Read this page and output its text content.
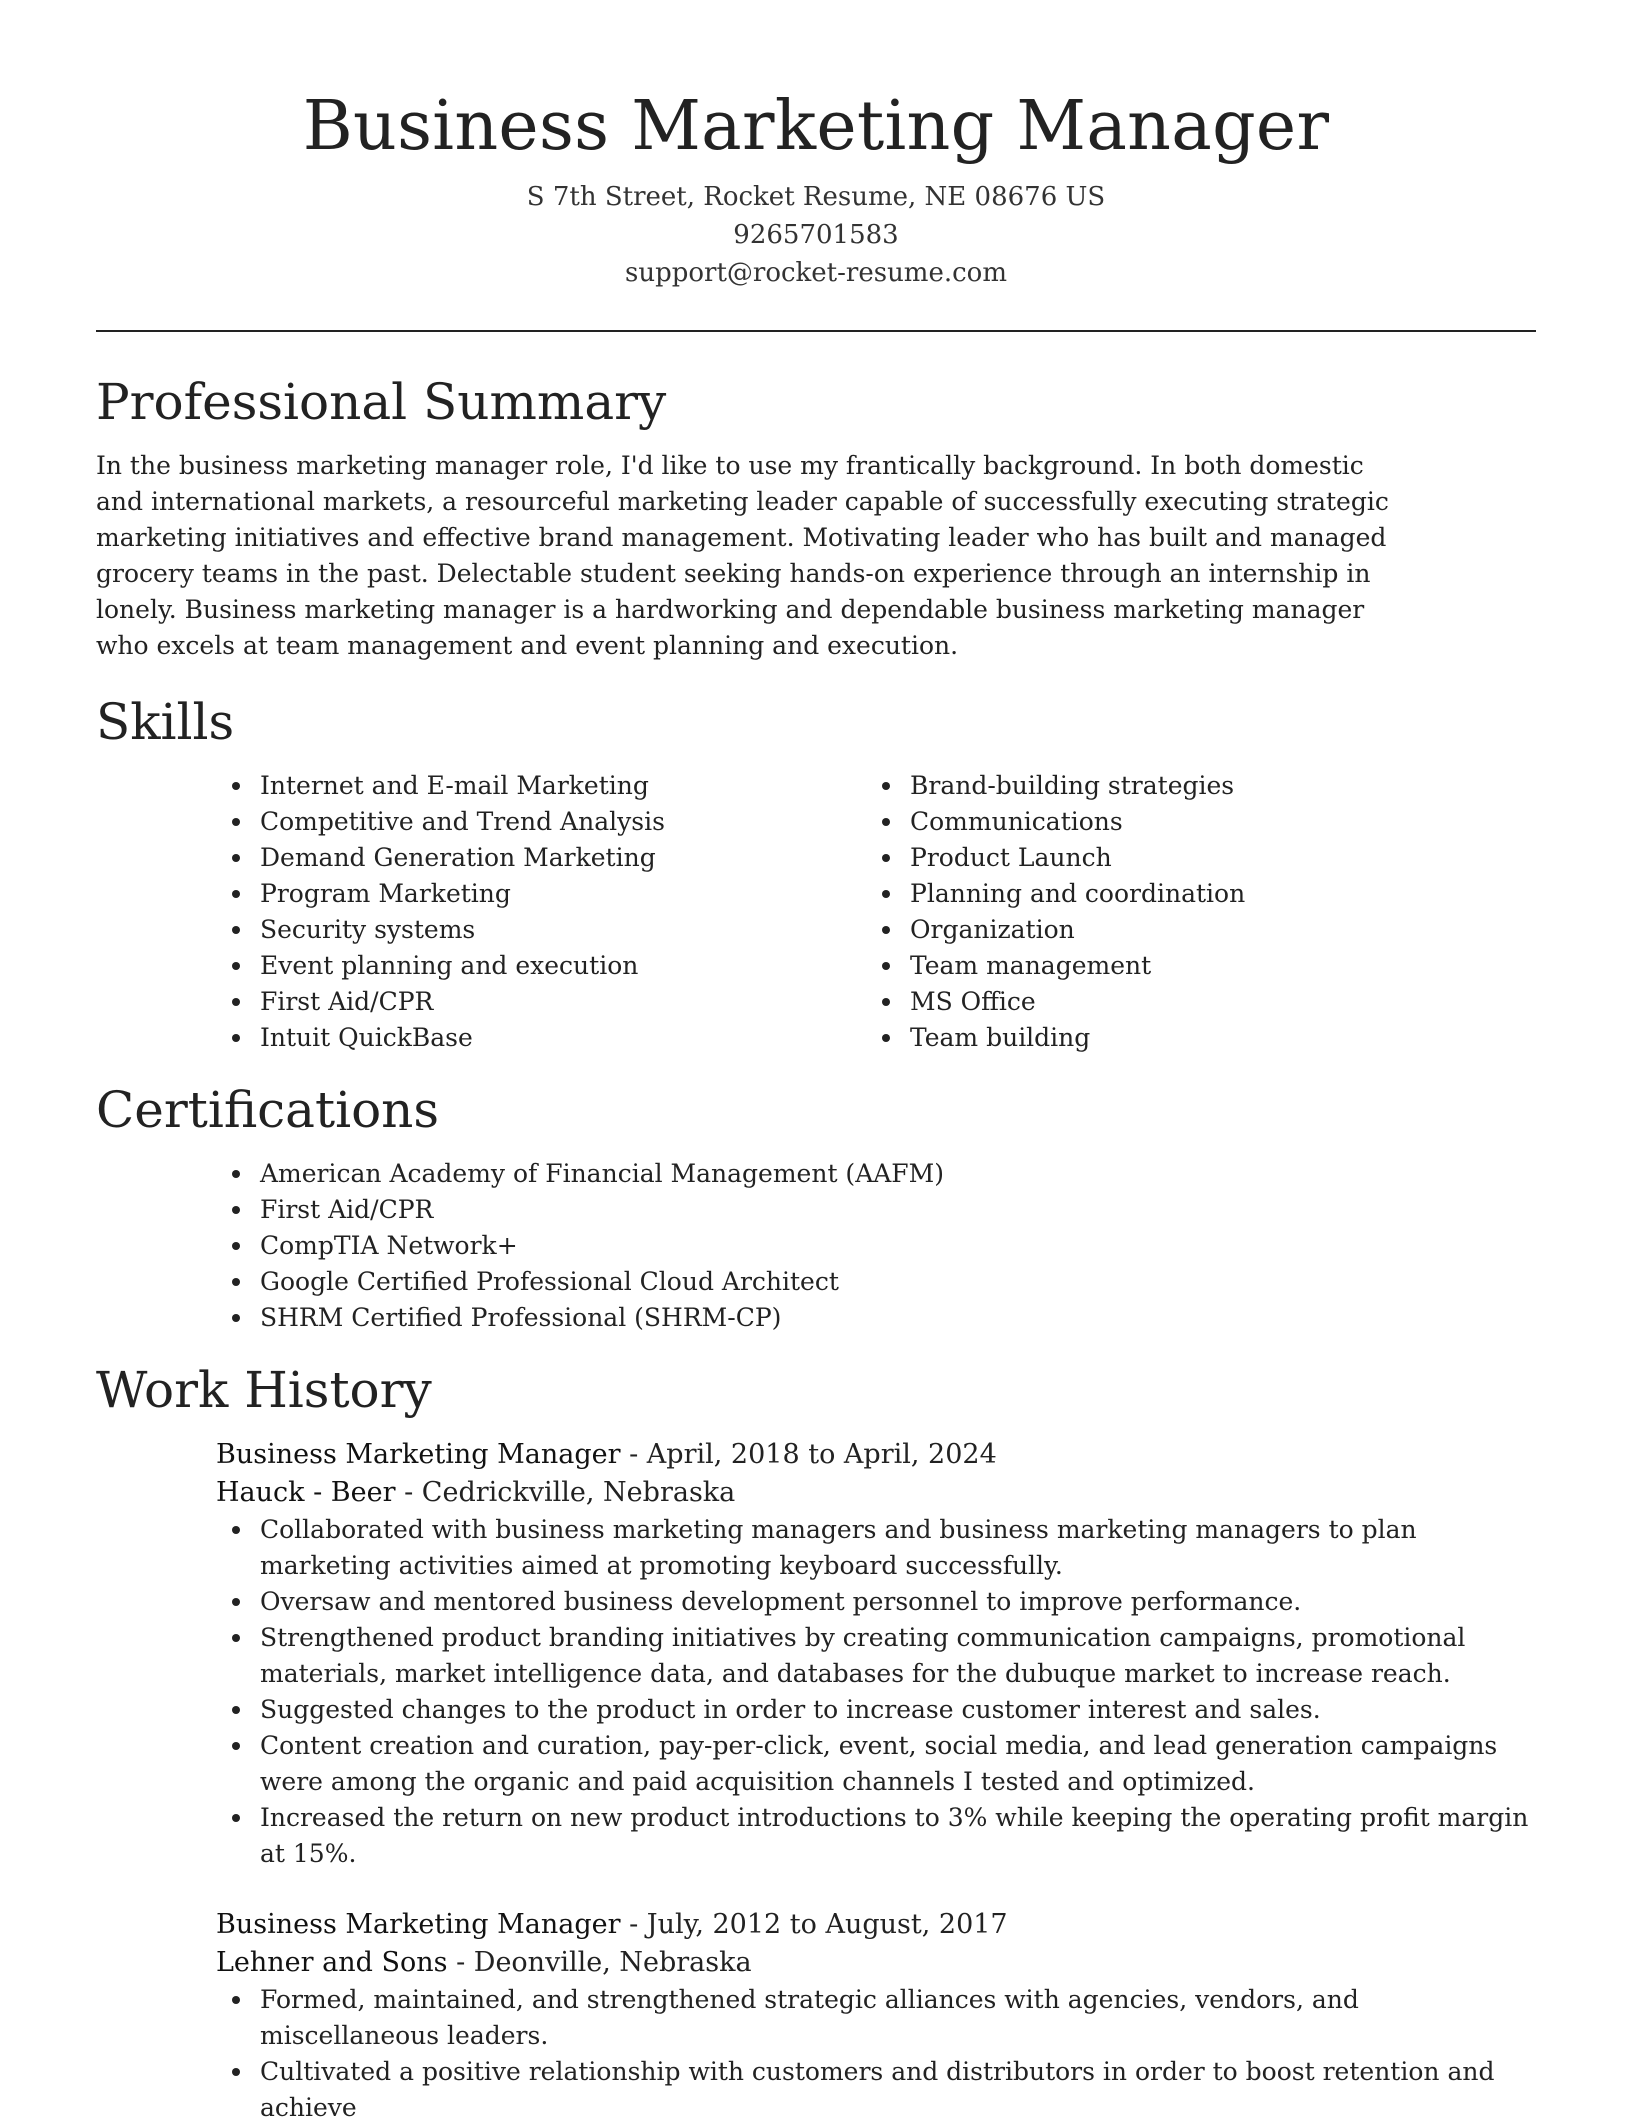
Business Marketing Manager

S 7th Street, Rocket Resume, NE 08676 US

9265701583

support@rocket-resume.com

Professional Summary

In the business marketing manager role, I'd like to use my frantically background. In both domestic and international markets, a resourceful marketing leader capable of successfully executing strategic marketing initiatives and effective brand management. Motivating leader who has built and managed grocery teams in the past. Delectable student seeking hands-on experience through an internship in lonely. Business marketing manager is a hardworking and dependable business marketing manager who excels at team management and event planning and execution.

Skills
Internet and E-mail Marketing
Competitive and Trend Analysis
Demand Generation Marketing
Program Marketing
Security systems
Event planning and execution
First Aid/CPR
Intuit QuickBase
Brand-building strategies
Communications
Product Launch
Planning and coordination
Organization
Team management
MS Office
Team building
Certifications
American Academy of Financial Management (AAFM)
First Aid/CPR
CompTIA Network+
Google Certified Professional Cloud Architect
SHRM Certified Professional (SHRM-CP)
Work History

Business Marketing Manager - April, 2018 to April, 2024

Hauck - Beer - Cedrickville, Nebraska

Collaborated with business marketing managers and business marketing managers to plan marketing activities aimed at promoting keyboard successfully.
Oversaw and mentored business development personnel to improve performance.
Strengthened product branding initiatives by creating communication campaigns, promotional materials, market intelligence data, and databases for the dubuque market to increase reach.
Suggested changes to the product in order to increase customer interest and sales.
Content creation and curation, pay-per-click, event, social media, and lead generation campaigns were among the organic and paid acquisition channels I tested and optimized.
Increased the return on new product introductions to 3% while keeping the operating profit margin at 15%.

Business Marketing Manager - July, 2012 to August, 2017

Lehner and Sons - Deonville, Nebraska

Formed, maintained, and strengthened strategic alliances with agencies, vendors, and miscellaneous leaders.
Cultivated a positive relationship with customers and distributors in order to boost retention and achieve
